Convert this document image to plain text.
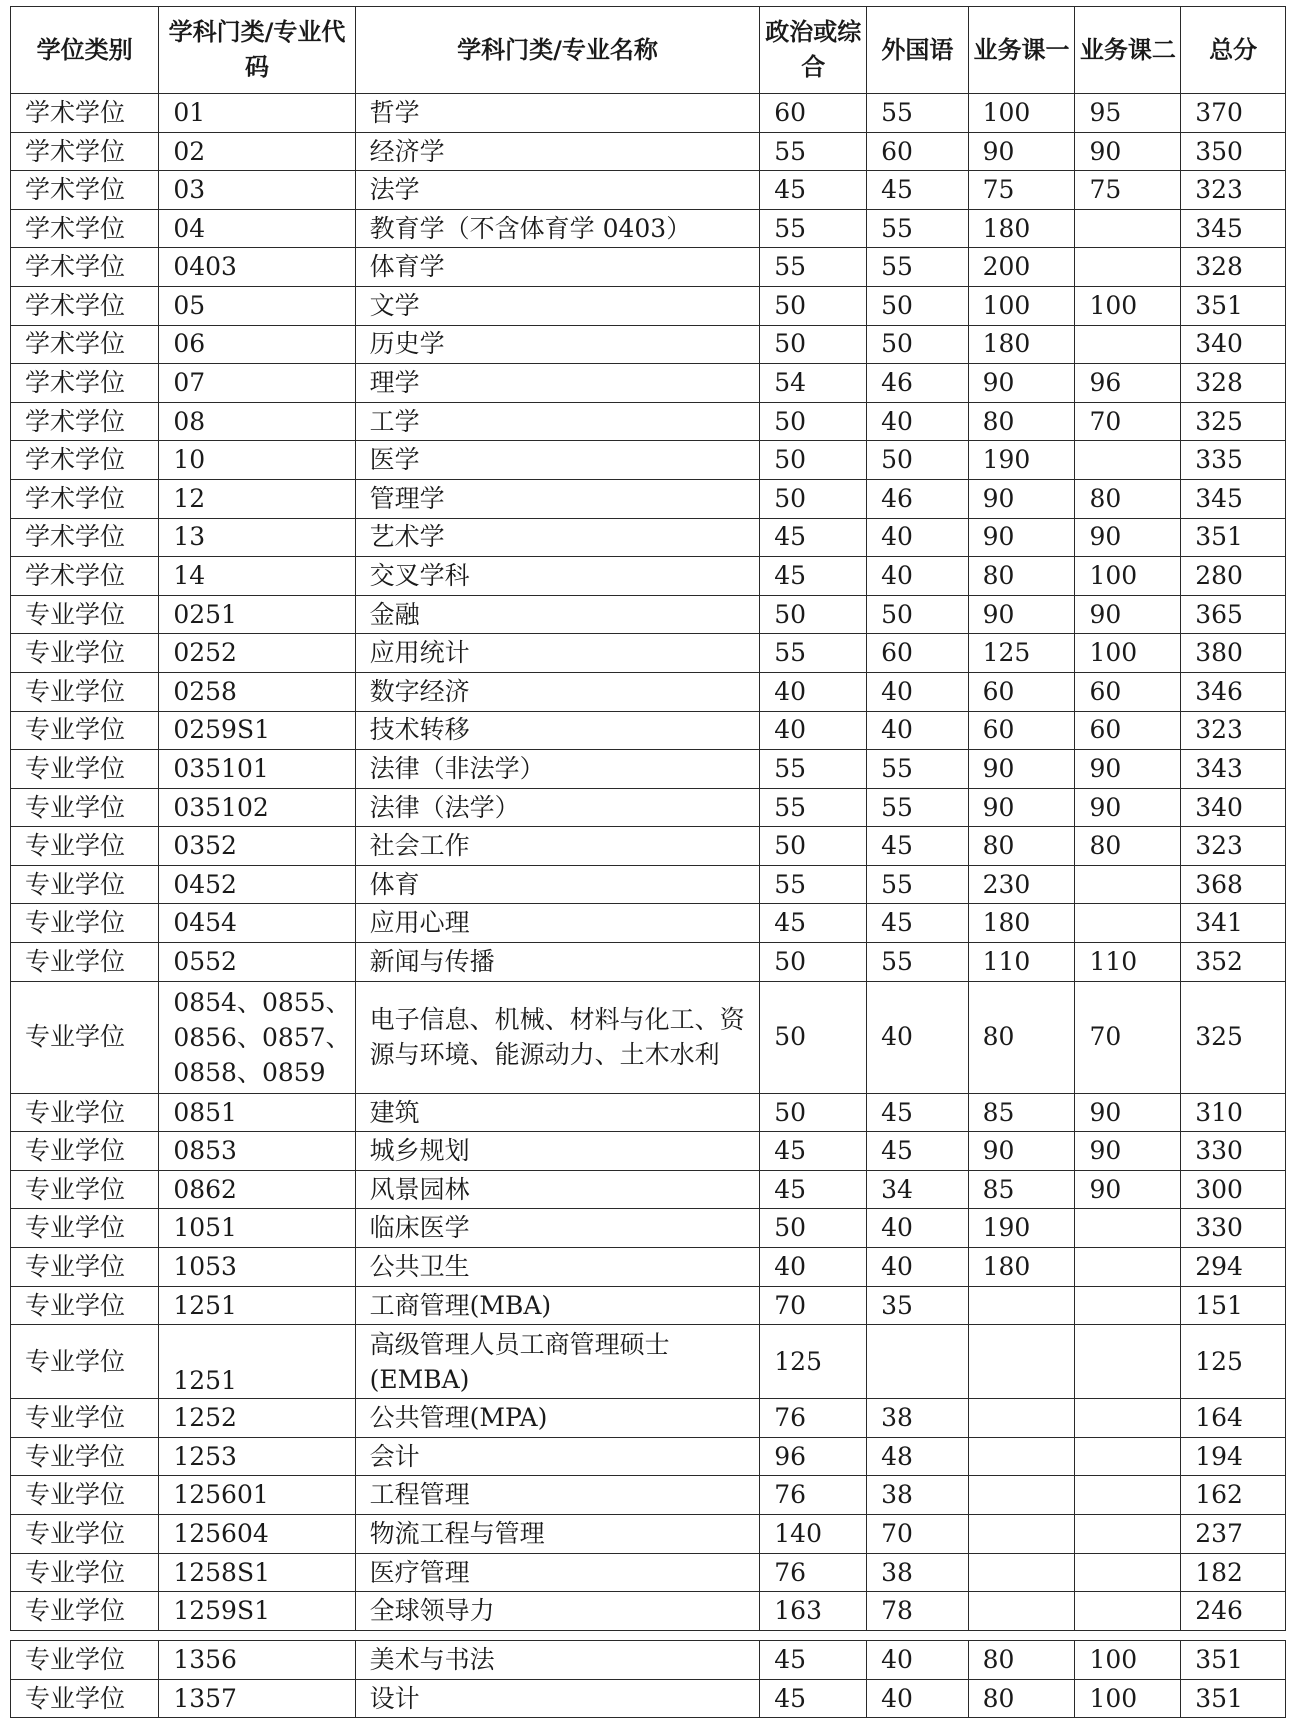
学位类别	学科门类/专业代码	学科门类/专业名称	政治或综合	外国语	业务课一	业务课二	总分
学术学位	01	哲学	60	55	100	95	370
学术学位	02	经济学	55	60	90	90	350
学术学位	03	法学	45	45	75	75	323
学术学位	04	教育学（不含体育学 0403）	55	55	180		345
学术学位	0403	体育学	55	55	200		328
学术学位	05	文学	50	50	100	100	351
学术学位	06	历史学	50	50	180		340
学术学位	07	理学	54	46	90	96	328
学术学位	08	工学	50	40	80	70	325
学术学位	10	医学	50	50	190		335
学术学位	12	管理学	50	46	90	80	345
学术学位	13	艺术学	45	40	90	90	351
学术学位	14	交叉学科	45	40	80	100	280
专业学位	0251	金融	50	50	90	90	365
专业学位	0252	应用统计	55	60	125	100	380
专业学位	0258	数字经济	40	40	60	60	346
专业学位	0259S1	技术转移	40	40	60	60	323
专业学位	035101	法律（非法学）	55	55	90	90	343
专业学位	035102	法律（法学）	55	55	90	90	340
专业学位	0352	社会工作	50	45	80	80	323
专业学位	0452	体育	55	55	230		368
专业学位	0454	应用心理	45	45	180		341
专业学位	0552	新闻与传播	50	55	110	110	352
专业学位	0854、0855、0856、0857、0858、0859	电子信息、机械、材料与化工、资源与环境、能源动力、土木水利	50	40	80	70	325
专业学位	0851	建筑	50	45	85	90	310
专业学位	0853	城乡规划	45	45	90	90	330
专业学位	0862	风景园林	45	34	85	90	300
专业学位	1051	临床医学	50	40	190		330
专业学位	1053	公共卫生	40	40	180		294
专业学位	1251	工商管理(MBA)	70	35			151
专业学位	1251	高级管理人员工商管理硕士(EMBA)	125				125
专业学位	1252	公共管理(MPA)	76	38			164
专业学位	1253	会计	96	48			194
专业学位	125601	工程管理	76	38			162
专业学位	125604	物流工程与管理	140	70			237
专业学位	1258S1	医疗管理	76	38			182
专业学位	1259S1	全球领导力	163	78			246
专业学位	1356	美术与书法	45	40	80	100	351
专业学位	1357	设计	45	40	80	100	351
